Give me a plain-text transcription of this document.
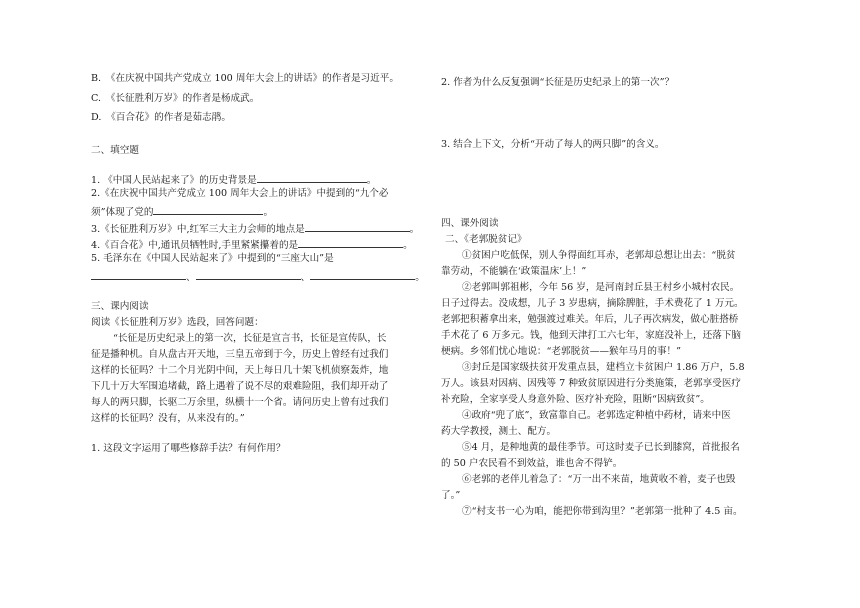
B.　《在庆祝中国共产党成立 100 周年大会上的讲话》的作者是习近平。
C.　《长征胜利万岁》的作者是杨成武。
D.　《百合花》的作者是茹志鹃。
二、填空题
1. 《中国人民站起来了》的历史背景是	。
2.《在庆祝中国共产党成立 100 周年大会上的讲话》中提到的“九个必
须”体现了党的	。
3.《长征胜利万岁》中,红军三大主力会师的地点是	。
4.《百合花》中,通讯员牺牲时,手里紧紧攥着的是	。
5. 毛泽东在《中国人民站起来了》中提到的“三座大山”是
、	、	。
三、课内阅读
阅读《长征胜利万岁》选段，回答问题：
“长征是历史纪录上的第一次，长征是宣言书，长征是宣传队，长
征是播种机。自从盘古开天地，三皇五帝到于今，历史上曾经有过我们
这样的长征吗？十二个月光阴中间，天上每日几十架飞机侦察轰炸，地
下几十万大军围追堵截，路上遇着了说不尽的艰难险阻，我们却开动了
每人的两只脚，长驱二万余里，纵横十一个省。请问历史上曾有过我们
这样的长征吗？没有，从来没有的。”
1. 这段文字运用了哪些修辞手法？有何作用？
2. 作者为什么反复强调“长征是历史纪录上的第一次”？
3. 结合上下文，分析“开动了每人的两只脚”的含义。
四、课外阅读
二、《老郭脱贫记》
①贫困户吃低保，别人争得面红耳赤，老郭却总想让出去：“脱贫
靠劳动，不能躺在‘政策温床’上！”
②老郭叫郭祖彬，今年 56 岁，是河南封丘县王村乡小城村农民。
日子过得去。没成想，儿子 3 岁患病，摘除脾脏，手术费花了 1 万元。
老郭把积蓄拿出来，勉强渡过难关。年后，儿子再次病发，做心脏搭桥
手术花了 6 万多元。钱，他到天津打工六七年，家庭没补上，还落下脑
梗病。乡邻们忧心地说：“老郭脱贫——猴年马月的事！”
③封丘是国家级扶贫开发重点县，建档立卡贫困户 1.86 万户，5.8
万人。该县对因病、因残等 7 种致贫原因进行分类施策，老郭享受医疗
补充险，全家享受人身意外险、医疗补充险，阻断“因病致贫”。
④政府“兜了底”，致富靠自己。老郭选定种植中药材，请来中医
药大学教授，测土、配方。
⑤4 月，是种地黄的最佳季节。可这时麦子已长到膝窝，首批报名
的 50 户农民看不到效益，谁也舍不得铲。
⑥老郭的老伴儿着急了：“万一出不来苗，地黄收不着，麦子也毁
了。”
⑦“村支书一心为咱，能把你带到沟里？”老郭第一批种了 4.5 亩。
